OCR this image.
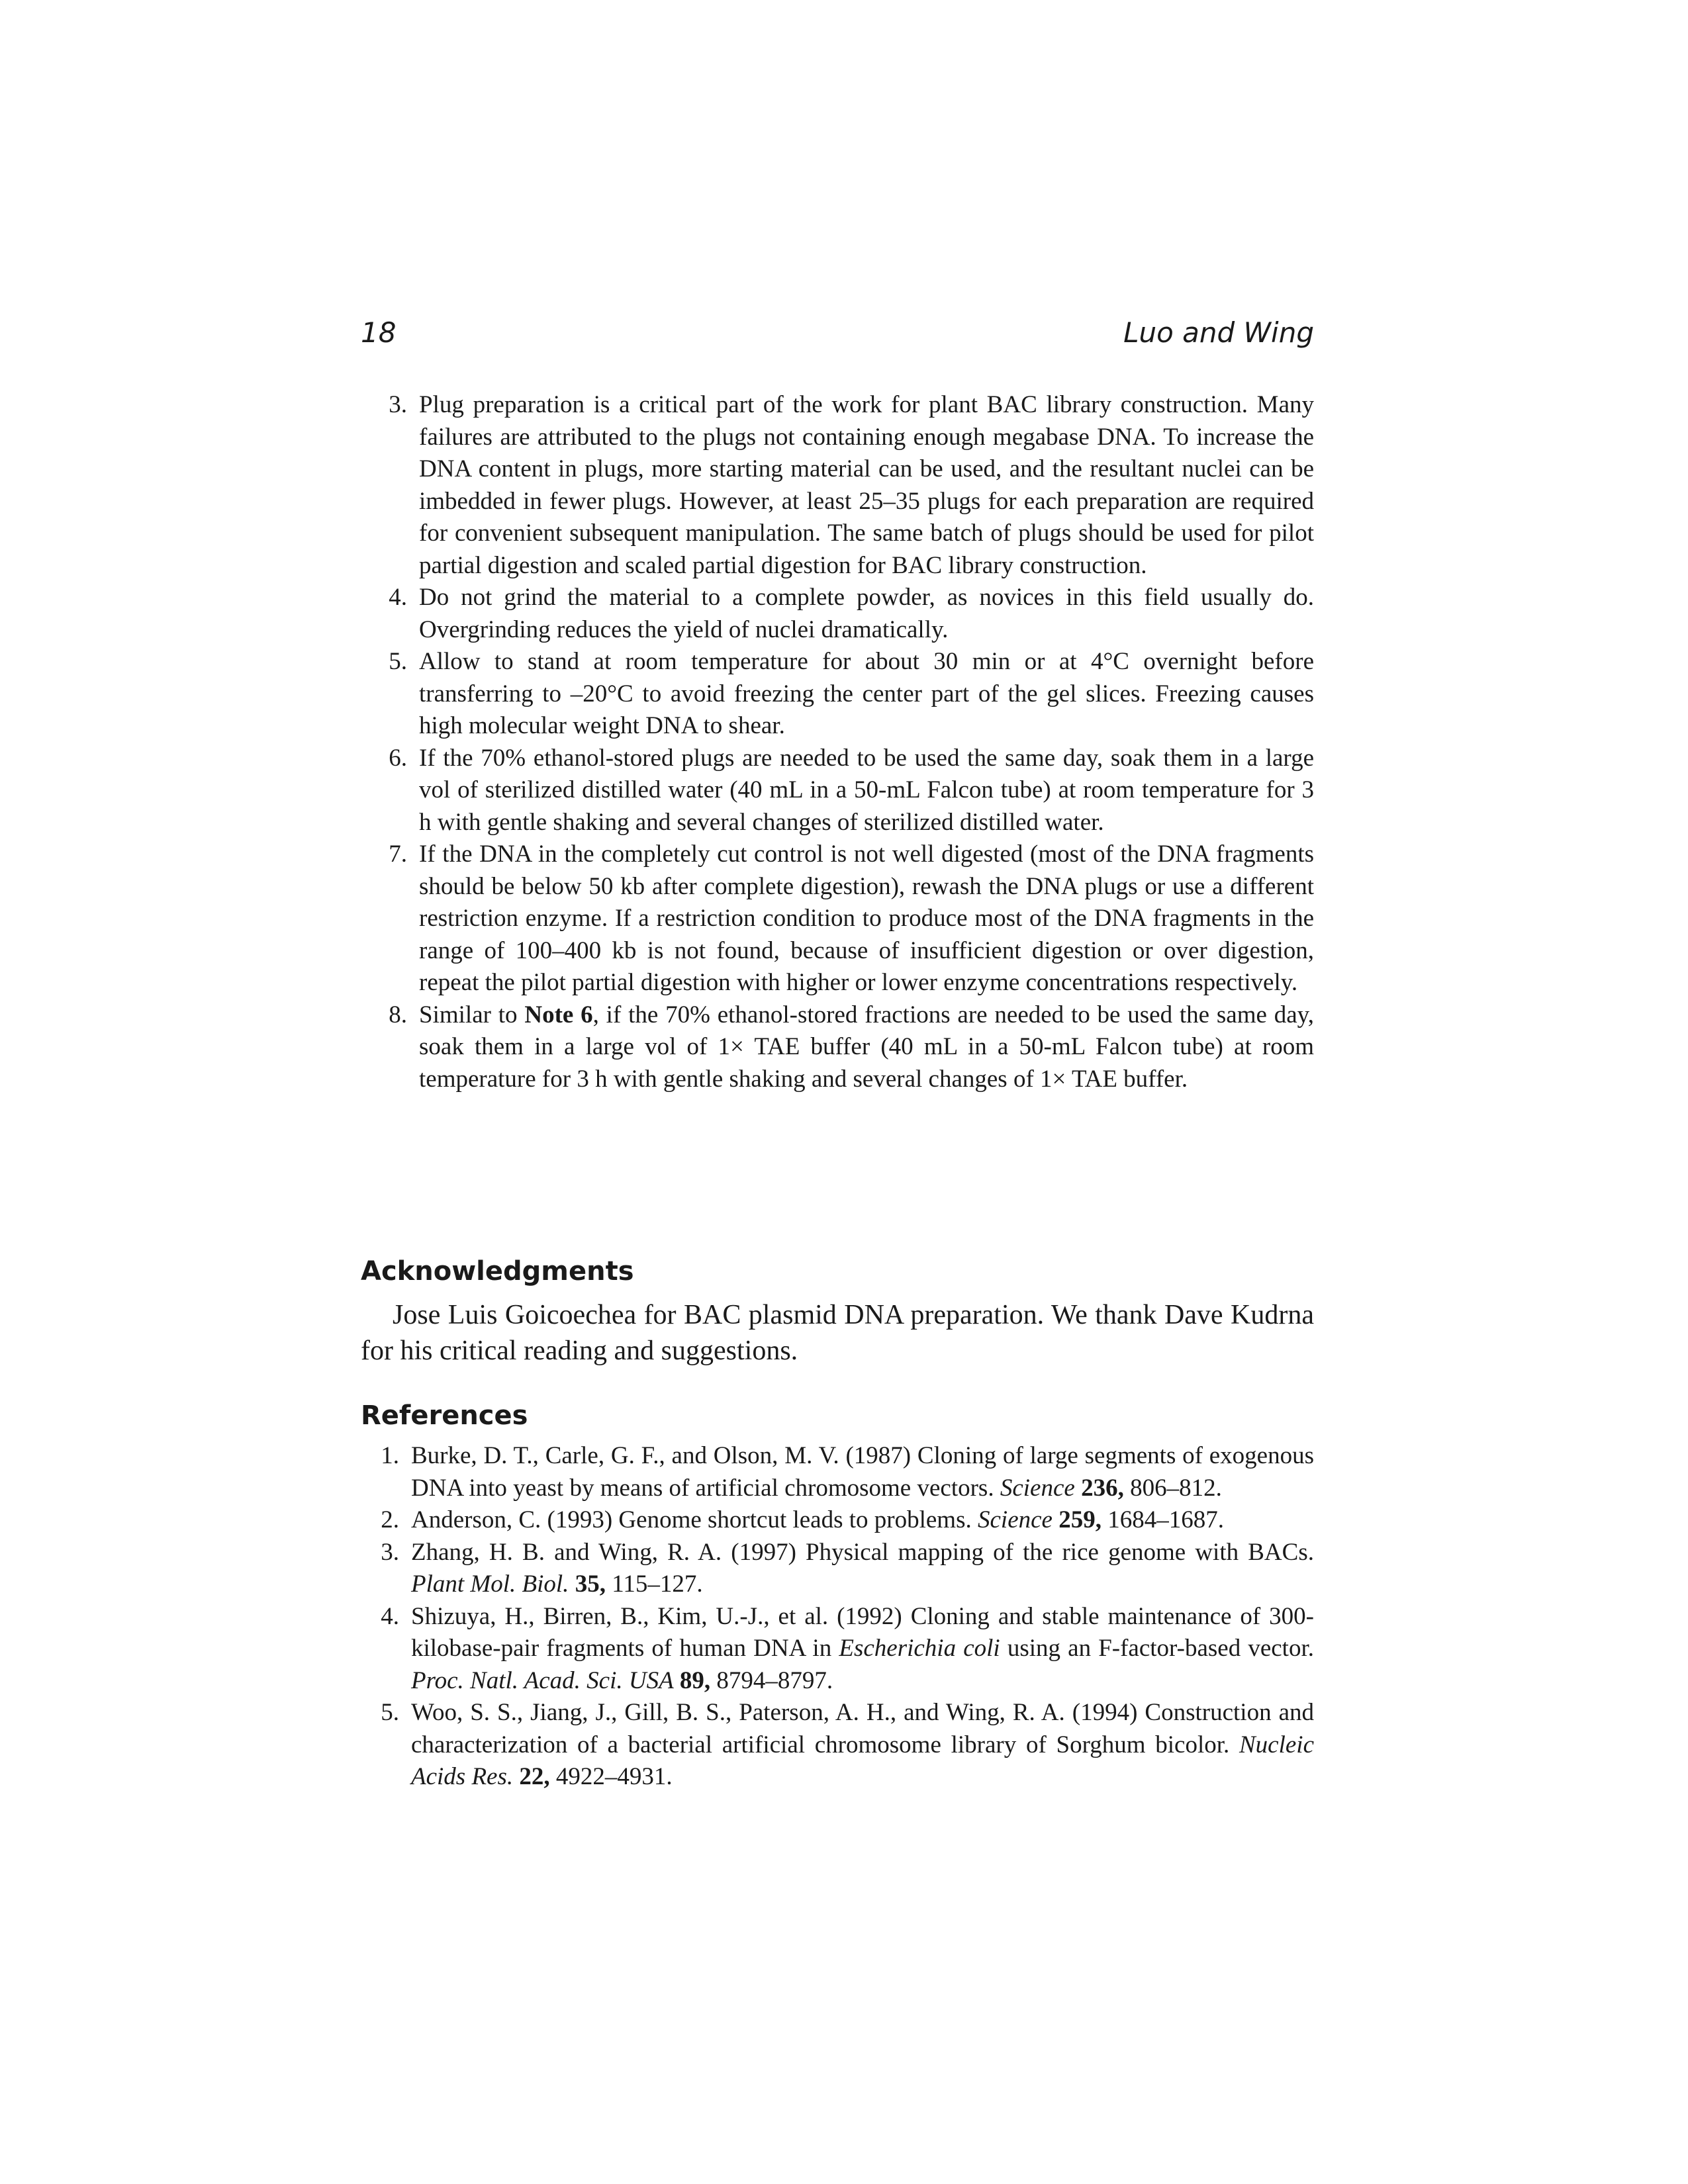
18	Luo and Wing
3. Plug preparation is a critical part of the work for plant BAC library construction. Many failures are attributed to the plugs not containing enough megabase DNA. To increase the DNA content in plugs, more starting material can be used, and the resultant nuclei can be imbedded in fewer plugs. However, at least 25–35 plugs for each preparation are required for convenient subsequent manipulation. The same batch of plugs should be used for pilot partial digestion and scaled partial digestion for BAC library construction.
4. Do not grind the material to a complete powder, as novices in this field usually do. Overgrinding reduces the yield of nuclei dramatically.
5. Allow to stand at room temperature for about 30 min or at 4°C overnight before transferring to –20°C to avoid freezing the center part of the gel slices. Freezing causes high molecular weight DNA to shear.
6. If the 70% ethanol-stored plugs are needed to be used the same day, soak them in a large vol of sterilized distilled water (40 mL in a 50-mL Falcon tube) at room temperature for 3 h with gentle shaking and several changes of sterilized distilled water.
7. If the DNA in the completely cut control is not well digested (most of the DNA fragments should be below 50 kb after complete digestion), rewash the DNA plugs or use a different restriction enzyme. If a restriction condition to produce most of the DNA fragments in the range of 100–400 kb is not found, because of insufficient digestion or over digestion, repeat the pilot partial digestion with higher or lower enzyme concentrations respectively.
8. Similar to Note 6, if the 70% ethanol-stored fractions are needed to be used the same day, soak them in a large vol of 1× TAE buffer (40 mL in a 50-mL Falcon tube) at room temperature for 3 h with gentle shaking and several changes of 1× TAE buffer.
Acknowledgments

Jose Luis Goicoechea for BAC plasmid DNA preparation. We thank Dave Kudrna for his critical reading and suggestions.

References
1. Burke, D. T., Carle, G. F., and Olson, M. V. (1987) Cloning of large segments of exogenous DNA into yeast by means of artificial chromosome vectors. Science 236, 806–812.
2. Anderson, C. (1993) Genome shortcut leads to problems. Science 259, 1684–1687.
3. Zhang, H. B. and Wing, R. A. (1997) Physical mapping of the rice genome with BACs. Plant Mol. Biol. 35, 115–127.
4. Shizuya, H., Birren, B., Kim, U.-J., et al. (1992) Cloning and stable maintenance of 300-kilobase-pair fragments of human DNA in Escherichia coli using an F-factor-based vector. Proc. Natl. Acad. Sci. USA 89, 8794–8797.
5. Woo, S. S., Jiang, J., Gill, B. S., Paterson, A. H., and Wing, R. A. (1994) Construction and characterization of a bacterial artificial chromosome library of Sorghum bicolor. Nucleic Acids Res. 22, 4922–4931.
